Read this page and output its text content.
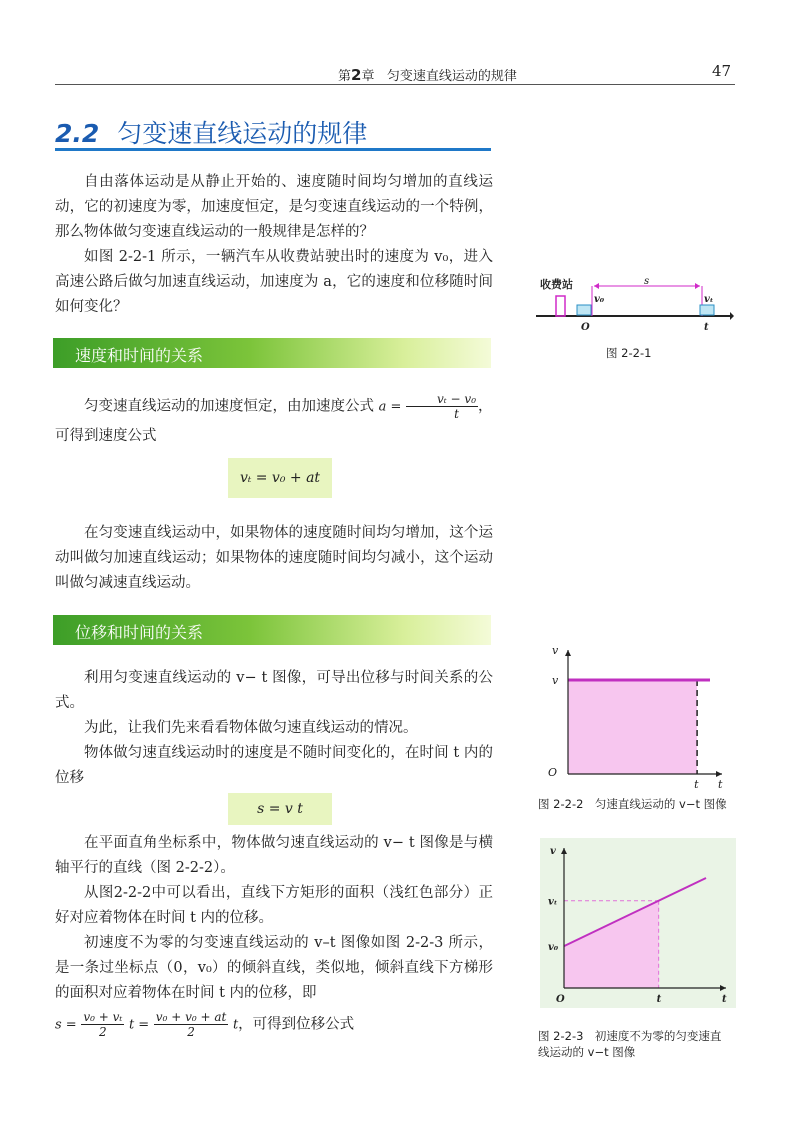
第2章 匀变速直线运动的规律	47
2.2 匀变速直线运动的规律
自由落体运动是从静止开始的、速度随时间均匀增加的直线运动，它的初速度为零，加速度恒定，是匀变速直线运动的一个特例，那么物体做匀变速直线运动的一般规律是怎样的？
如图 2-2-1 所示，一辆汽车从收费站驶出时的速度为 v₀，进入高速公路后做匀加速直线运动，加速度为 a，它的速度和位移随时间如何变化？
速度和时间的关系
匀变速直线运动的加速度恒定，由加速度公式 $a = \frac{\text{vₜ − v₀}}{t}$ ，
可得到速度公式
vₜ = v₀ + at
在匀变速直线运动中，如果物体的速度随时间均匀增加，这个运动叫做匀加速直线运动；如果物体的速度随时间均匀减小，这个运动叫做匀减速直线运动。
位移和时间的关系
利用匀变速直线运动的 v− t 图像，可导出位移与时间关系的公式。
为此，让我们先来看看物体做匀速直线运动的情况。
物体做匀速直线运动时的速度是不随时间变化的，在时间 t 内的位移
s = v t
在平面直角坐标系中，物体做匀速直线运动的 v− t 图像是与横轴平行的直线（图 2-2-2）。
从图2-2-2中可以看出，直线下方矩形的面积（浅红色部分）正好对应着物体在时间 t 内的位移。
初速度不为零的匀变速直线运动的 v–t 图像如图 2-2-3 所示，是一条过坐标点（0，v₀）的倾斜直线，类似地，倾斜直线下方梯形的面积对应着物体在时间 t 内的位移，即
$s = \frac{\text{v₀ + vₜ}}{2}$ $t = \frac{\text{v₀ + v₀ + at}}{2}$ t，可得到位移公式
收费站	s
v₀	vₜ
O	t
图 2-2-1
v
v
O
t t
图 2-2-2　匀速直线运动的 v−t 图像
v
vₜ
v₀
O	t	t
图 2-2-3　初速度不为零的匀变速直
线运动的 v−t 图像
